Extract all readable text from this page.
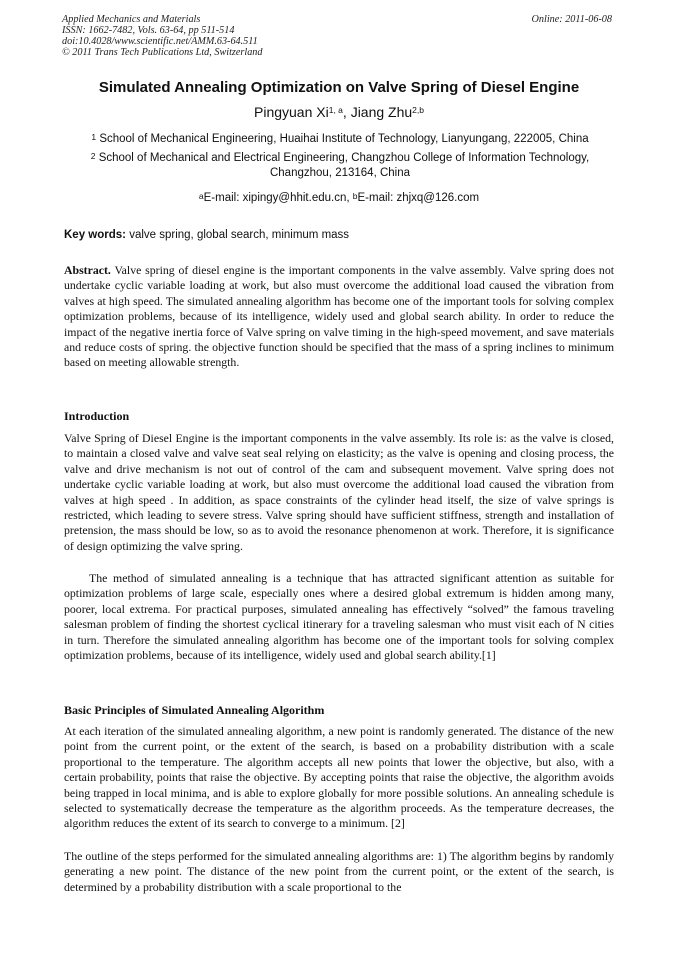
Applied Mechanics and Materials
ISSN: 1662-7482, Vols. 63-64, pp 511-514
doi:10.4028/www.scientific.net/AMM.63-64.511
© 2011 Trans Tech Publications Ltd, Switzerland
Online: 2011-06-08
Simulated Annealing Optimization on Valve Spring of Diesel Engine
Pingyuan Xi$^{1, a}$, Jiang Zhu$^{2,b}$
$^1$ School of Mechanical Engineering, Huaihai Institute of Technology, Lianyungang, 222005, China
$^2$ School of Mechanical and Electrical Engineering, Changzhou College of Information Technology, Changzhou, 213164, China
$^a$E-mail: xipingy@hhit.edu.cn, $^b$E-mail: zhjxq@126.com
Key words: valve spring, global search, minimum mass
Abstract. Valve spring of diesel engine is the important components in the valve assembly. Valve spring does not undertake cyclic variable loading at work, but also must overcome the additional load caused the vibration from valves at high speed. The simulated annealing algorithm has become one of the important tools for solving complex optimization problems, because of its intelligence, widely used and global search ability. In order to reduce the impact of the negative inertia force of Valve spring on valve timing in the high-speed movement, and save materials and reduce costs of spring. the objective function should be specified that the mass of a spring inclines to minimum based on meeting allowable strength.
Introduction
Valve Spring of Diesel Engine is the important components in the valve assembly. Its role is: as the valve is closed, to maintain a closed valve and valve seat seal relying on elasticity; as the valve is opening and closing process, the valve and drive mechanism is not out of control of the cam and subsequent movement. Valve spring does not undertake cyclic variable loading at work, but also must overcome the additional load caused the vibration from valves at high speed . In addition, as space constraints of the cylinder head itself, the size of valve springs is restricted, which leading to severe stress. Valve spring should have sufficient stiffness, strength and installation of pretension, the mass should be low, so as to avoid the resonance phenomenon at work. Therefore, it is significance of design optimizing the valve spring.
The method of simulated annealing is a technique that has attracted significant attention as suitable for optimization problems of large scale, especially ones where a desired global extremum is hidden among many, poorer, local extrema. For practical purposes, simulated annealing has effectively “solved” the famous traveling salesman problem of finding the shortest cyclical itinerary for a traveling salesman who must visit each of N cities in turn. Therefore the simulated annealing algorithm has become one of the important tools for solving complex optimization problems, because of its intelligence, widely used and global search ability.[1]
Basic Principles of Simulated Annealing Algorithm
At each iteration of the simulated annealing algorithm, a new point is randomly generated. The distance of the new point from the current point, or the extent of the search, is based on a probability distribution with a scale proportional to the temperature. The algorithm accepts all new points that lower the objective, but also, with a certain probability, points that raise the objective. By accepting points that raise the objective, the algorithm avoids being trapped in local minima, and is able to explore globally for more possible solutions. An annealing schedule is selected to systematically decrease the temperature as the algorithm proceeds. As the temperature decreases, the algorithm reduces the extent of its search to converge to a minimum. [2]
The outline of the steps performed for the simulated annealing algorithms are: 1) The algorithm begins by randomly generating a new point. The distance of the new point from the current point, or the extent of the search, is determined by a probability distribution with a scale proportional to the
